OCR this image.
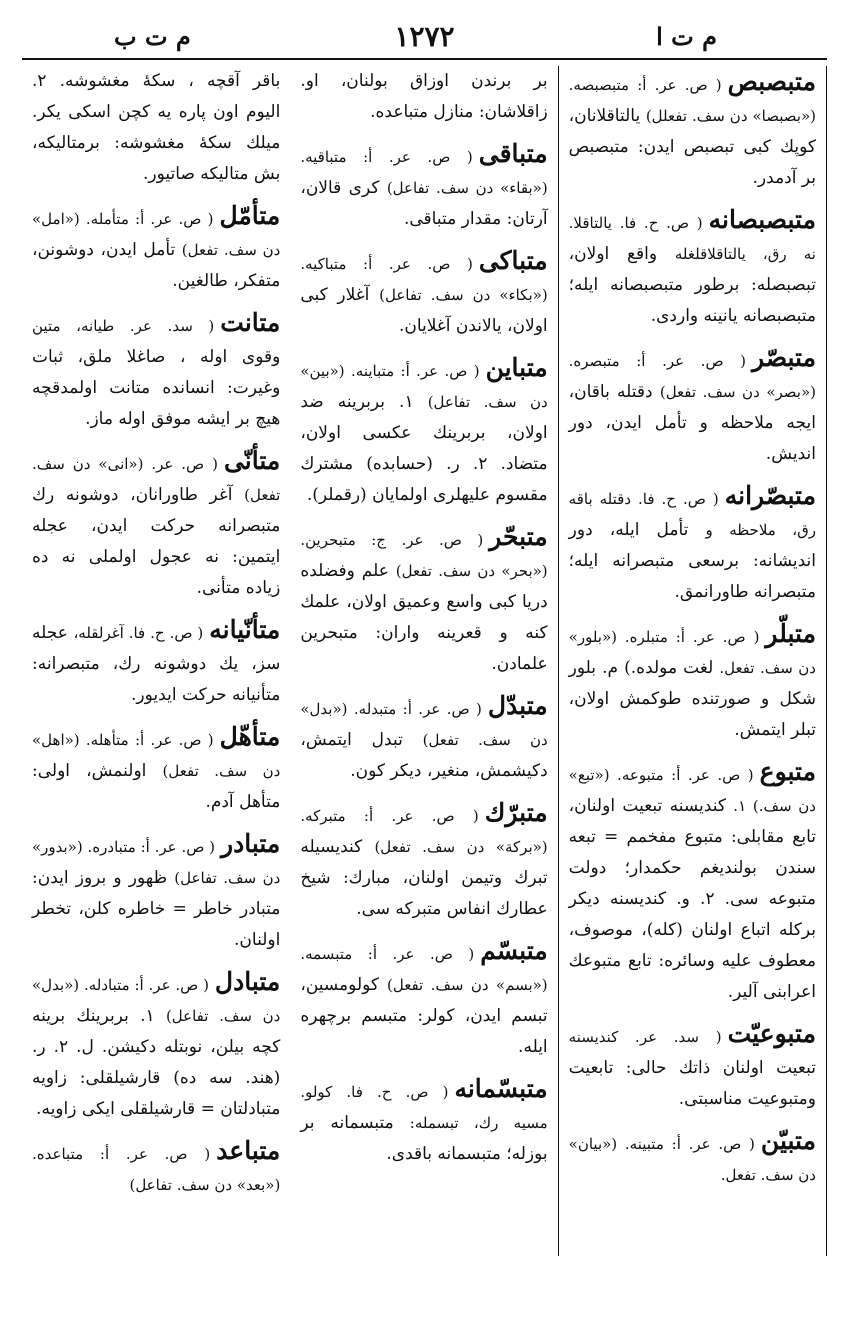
م ت ا
۱۲۷۲
م ت ب
باقر آقچه ، سکهٔ مغشوشه. ۲. الیوم اون پاره یه کچن اسکی یکر. میلك سکهٔ مغشوشه: برمتالیکه، بش متالیکه صاتیور.
متأمّل( ص. عر. أ: متأمله. («امل» دن سف. تفعل) تأمل ایدن، دوشونن، متفکر، طالغین.
متانت( سد. عر. طیانه، متین وقوی اوله ، صاغلا ملق، ثبات وغیرت: انسانده متانت اولمدقچه هیچ بر ایشه موفق اوله ماز.
متأنّی( ص. عر. («انی» دن سف. تفعل) آغر طاورانان، دوشونه رك متبصرانه حرکت ایدن، عجله ایتمین: نه عجول اولملی نه ده زیاده متأنی.
متأنّیانه( ص. ح. فا. آغرلقله، عجله سز، یك دوشونه رك، متبصرانه: متأنیانه حرکت ایدیور.
متأهّل( ص. عر. أ: متأهله. («اهل» دن سف. تفعل) اولنمش، اولی: متأهل آدم.
متبادر( ص. عر. أ: متبادره. («بدور» دن سف. تفاعل) ظهور و بروز ایدن: متبادر خاطر = خاطره کلن، تخطر اولنان.
متبادل( ص. عر. أ: متبادله. («بدل» دن سف. تفاعل) ۱. بربرینك برینه کچه بیلن، نوبتله دکیشن. ل. ۲. ر. (هند. سه ده) قارشیلقلی: زاویه متبادلتان = قارشیلقلی ایکی زاویه.
متباعد( ص. عر. أ: متباعده. («بعد» دن سف. تفاعل)
بر برندن اوزاق بولنان، او. زاقلاشان: منازل متباعده.
متباقی( ص. عر. أ: متباقیه. («بقاء» دن سف. تفاعل) کری قالان، آرتان: مقدار متباقی.
متباکی( ص. عر. أ: متباکیه. («بکاء» دن سف. تفاعل) آغلار کبی اولان، یالاندن آغلایان.
متباین( ص. عر. أ: متباینه. («بین» دن سف. تفاعل) ۱. بربرینه ضد اولان، بربرینك عکسی اولان، متضاد. ۲. ر. (حسابده) مشترك مقسوم علیهلری اولمایان (رقملر).
متبحّر( ص. عر. ج: متبحرین. («بحر» دن سف. تفعل) علم وفضلده دریا کبی واسع وعمیق اولان، علمك کنه و قعرینه واران: متبحرین علمادن.
متبدّل( ص. عر. أ: متبدله. («بدل» دن سف. تفعل) تبدل ایتمش، دکیشمش، منغیر، دیکر کون.
متبرّك( ص. عر. أ: متبرکه. («برکة» دن سف. تفعل) کندیسیله تبرك وتیمن اولنان، مبارك: شیخ عطارك انفاس متبرکه سی.
متبسّم( ص. عر. أ: متبسمه. («بسم» دن سف. تفعل) کولومسین، تبسم ایدن، کولر: متبسم برچهره ایله.
متبسّمانه( ص. ح. فا. کولو. مسیه رك، تبسمله: متبسمانه بر بوزله؛ متبسمانه باقدی.
متبصبص( ص. عر. أ: متبصبصه. («بصبصا» دن سف. تفعلل) یالتاقلانان، کوپك کبی تبصبص ایدن: متبصبص بر آدمدر.
متبصبصانه( ص. ح. فا. یالتاقلا. نه رق، یالتاقلاقلغله واقع اولان، تبصبصله: برطور متبصبصانه ایله؛ متبصبصانه یانینه واردی.
متبصّر( ص. عر. أ: متبصره. («بصر» دن سف. تفعل) دقتله باقان، ایجه ملاحظه و تأمل ایدن، دور اندیش.
متبصّرانه( ص. ح. فا. دقتله باقه رق، ملاحظه و تأمل ایله، دور اندیشانه: برسعی متبصرانه ایله؛ متبصرانه طاورانمق.
متبلّر( ص. عر. أ: متبلره. («بلور» دن سف. تفعل. لغت مولده.) م. بلور شکل و صورتنده طوکمش اولان، تبلر ایتمش.
متبوع( ص. عر. أ: متبوعه. («تبع» دن سف.) ۱. کندیسنه تبعیت اولنان، تابع مقابلی: متبوع مفخمم = تبعه سندن بولندیغم حکمدار؛ دولت متبوعه سی. ۲. و. کندیسنه دیکر برکله اتباع اولنان (کله)، موصوف، معطوف علیه وسائره: تابع متبوعك اعرابنی آلیر.
متبوعیّت( سد. عر. کندیسنه تبعیت اولنان ذاتك حالی: تابعیت ومتبوعیت مناسبتی.
متبیّن( ص. عر. أ: متبینه. («بیان» دن سف. تفعل.
